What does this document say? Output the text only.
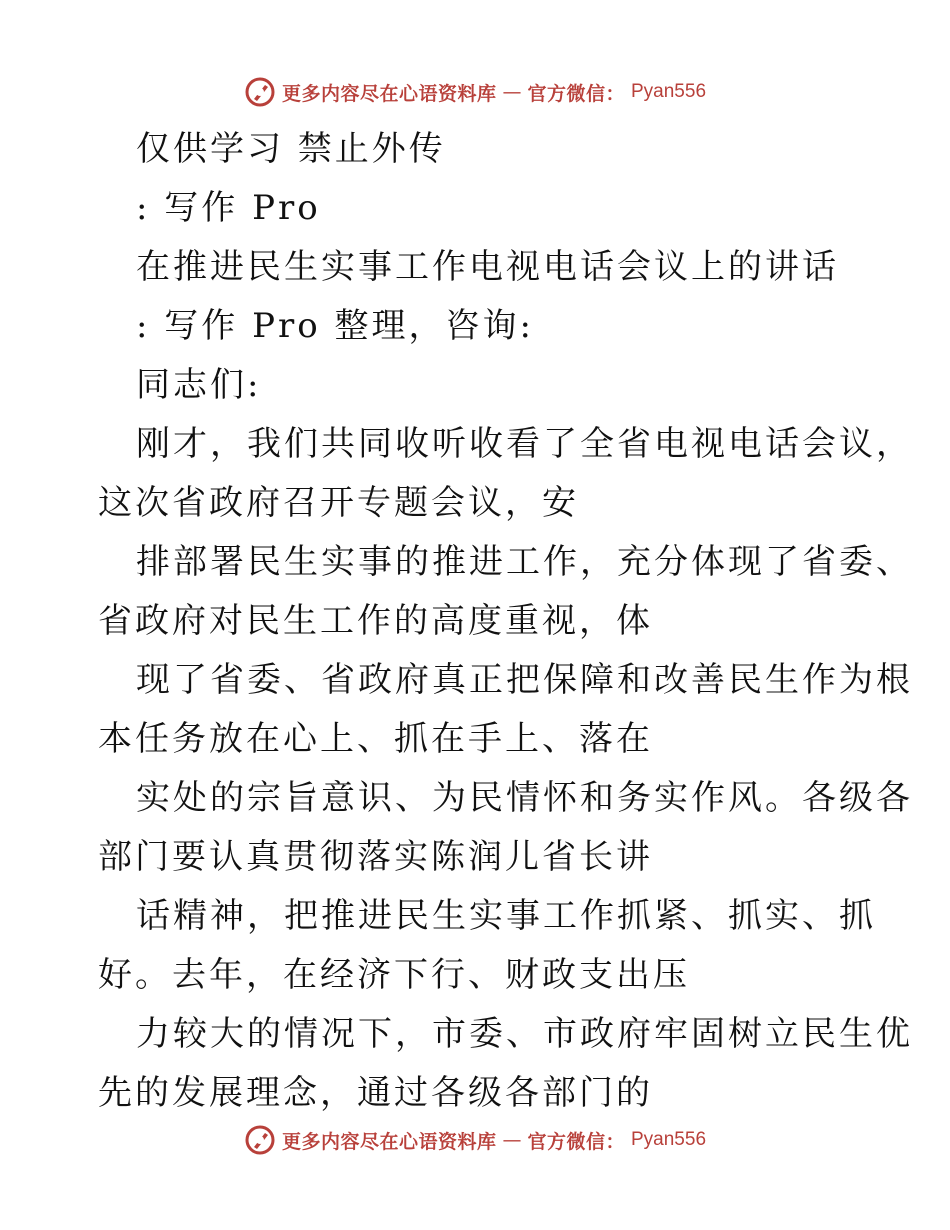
更多内容尽在心语资料库 — 官方微信： Pyan556
仅供学习 禁止外传
: 写作 Pro
在推进民生实事工作电视电话会议上的讲话
: 写作 Pro 整理，咨询:
同志们:
刚才，我们共同收听收看了全省电视电话会议，
这次省政府召开专题会议，安
排部署民生实事的推进工作，充分体现了省委、
省政府对民生工作的高度重视，体
现了省委、省政府真正把保障和改善民生作为根
本任务放在心上、抓在手上、落在
实处的宗旨意识、为民情怀和务实作风。各级各
部门要认真贯彻落实陈润儿省长讲
话精神，把推进民生实事工作抓紧、抓实、抓
好。去年，在经济下行、财政支出压
力较大的情况下，市委、市政府牢固树立民生优
先的发展理念，通过各级各部门的
更多内容尽在心语资料库 — 官方微信： Pyan556
